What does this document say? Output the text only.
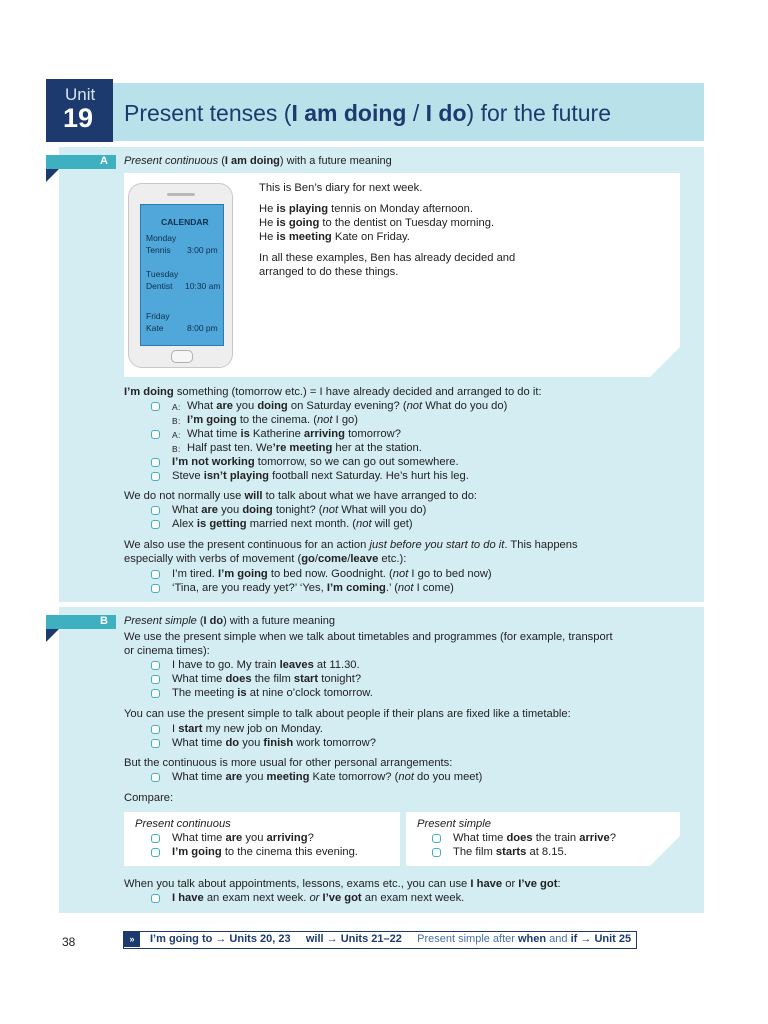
Unit
19 Present tenses (I am doing / I do) for the future
A Present continuous (I am doing) with a future meaning
CALENDAR
Monday
Tennis 3:00 pm
Tuesday
Dentist 10:30 am
Friday
Kate	8:00 pm
This is Ben’s diary for next week.
He is playing tennis on Monday afternoon.
He is going to the dentist on Tuesday morning.
He is meeting Kate on Friday.
In all these examples, Ben has already decided and
arranged to do these things.
I’m doing something (tomorrow etc.) = I have already decided and arranged to do it:
A: What are you doing on Saturday evening? (not What do you do)
B: I’m going to the cinema. (not I go)
A: What time is Katherine arriving tomorrow?
B: Half past ten. We’re meeting her at the station.
I’m not working tomorrow, so we can go out somewhere.
Steve isn’t playing football next Saturday. He’s hurt his leg.
We do not normally use will to talk about what we have arranged to do:
What are you doing tonight? (not What will you do)
Alex is getting married next month. (not will get)
We also use the present continuous for an action just before you start to do it. This happens
especially with verbs of movement (go/come/leave etc.):
I’m tired. I’m going to bed now. Goodnight. (not I go to bed now)
‘Tina, are you ready yet?’ ‘Yes, I’m coming.’ (not I come)
B Present simple (I do) with a future meaning
We use the present simple when we talk about timetables and programmes (for example, transport
or cinema times):
I have to go. My train leaves at 11.30.
What time does the film start tonight?
The meeting is at nine o’clock tomorrow.
You can use the present simple to talk about people if their plans are fixed like a timetable:
I start my new job on Monday.
What time do you finish work tomorrow?
But the continuous is more usual for other personal arrangements:
What time are you meeting Kate tomorrow? (not do you meet)
Compare:
Present continuous
What time are you arriving?
I’m going to the cinema this evening.
Present simple
What time does the train arrive?
The film starts at 8.15.
When you talk about appointments, lessons, exams etc., you can use I have or I’ve got:
I have an exam next week. or I’ve got an exam next week.
38	»	I’m going to → Units 20, 23 will → Units 21–22 Present simple after when and if → Unit 25
